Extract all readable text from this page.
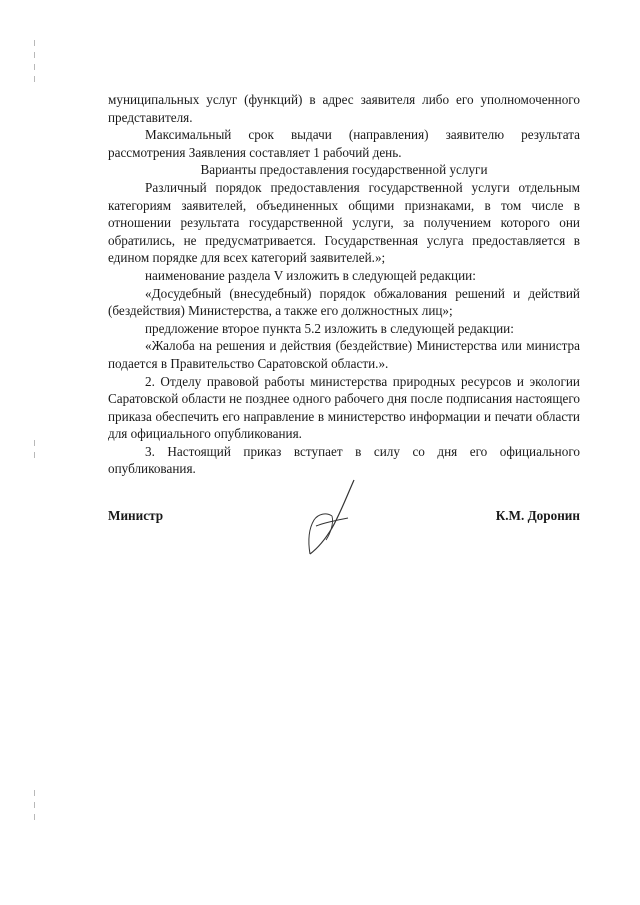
муниципальных услуг (функций) в адрес заявителя либо его уполномоченного представителя.

Максимальный срок выдачи (направления) заявителю результата рассмотрения Заявления составляет 1 рабочий день.

Варианты предоставления государственной услуги

Различный порядок предоставления государственной услуги отдельным категориям заявителей, объединенных общими признаками, в том числе в отношении результата государственной услуги, за получением которого они обратились, не предусматривается. Государственная услуга предоставляется в едином порядке для всех категорий заявителей.»;

наименование раздела V изложить в следующей редакции:

«Досудебный (внесудебный) порядок обжалования решений и действий (бездействия) Министерства, а также его должностных лиц»;

предложение второе пункта 5.2 изложить в следующей редакции:

«Жалоба на решения и действия (бездействие) Министерства или министра подается в Правительство Саратовской области.».

2. Отделу правовой работы министерства природных ресурсов и экологии Саратовской области не позднее одного рабочего дня после подписания настоящего приказа обеспечить его направление в министерство информации и печати области для официального опубликования.

3. Настоящий приказ вступает в силу со дня его официального опубликования.

Министр	К.М. Доронин
